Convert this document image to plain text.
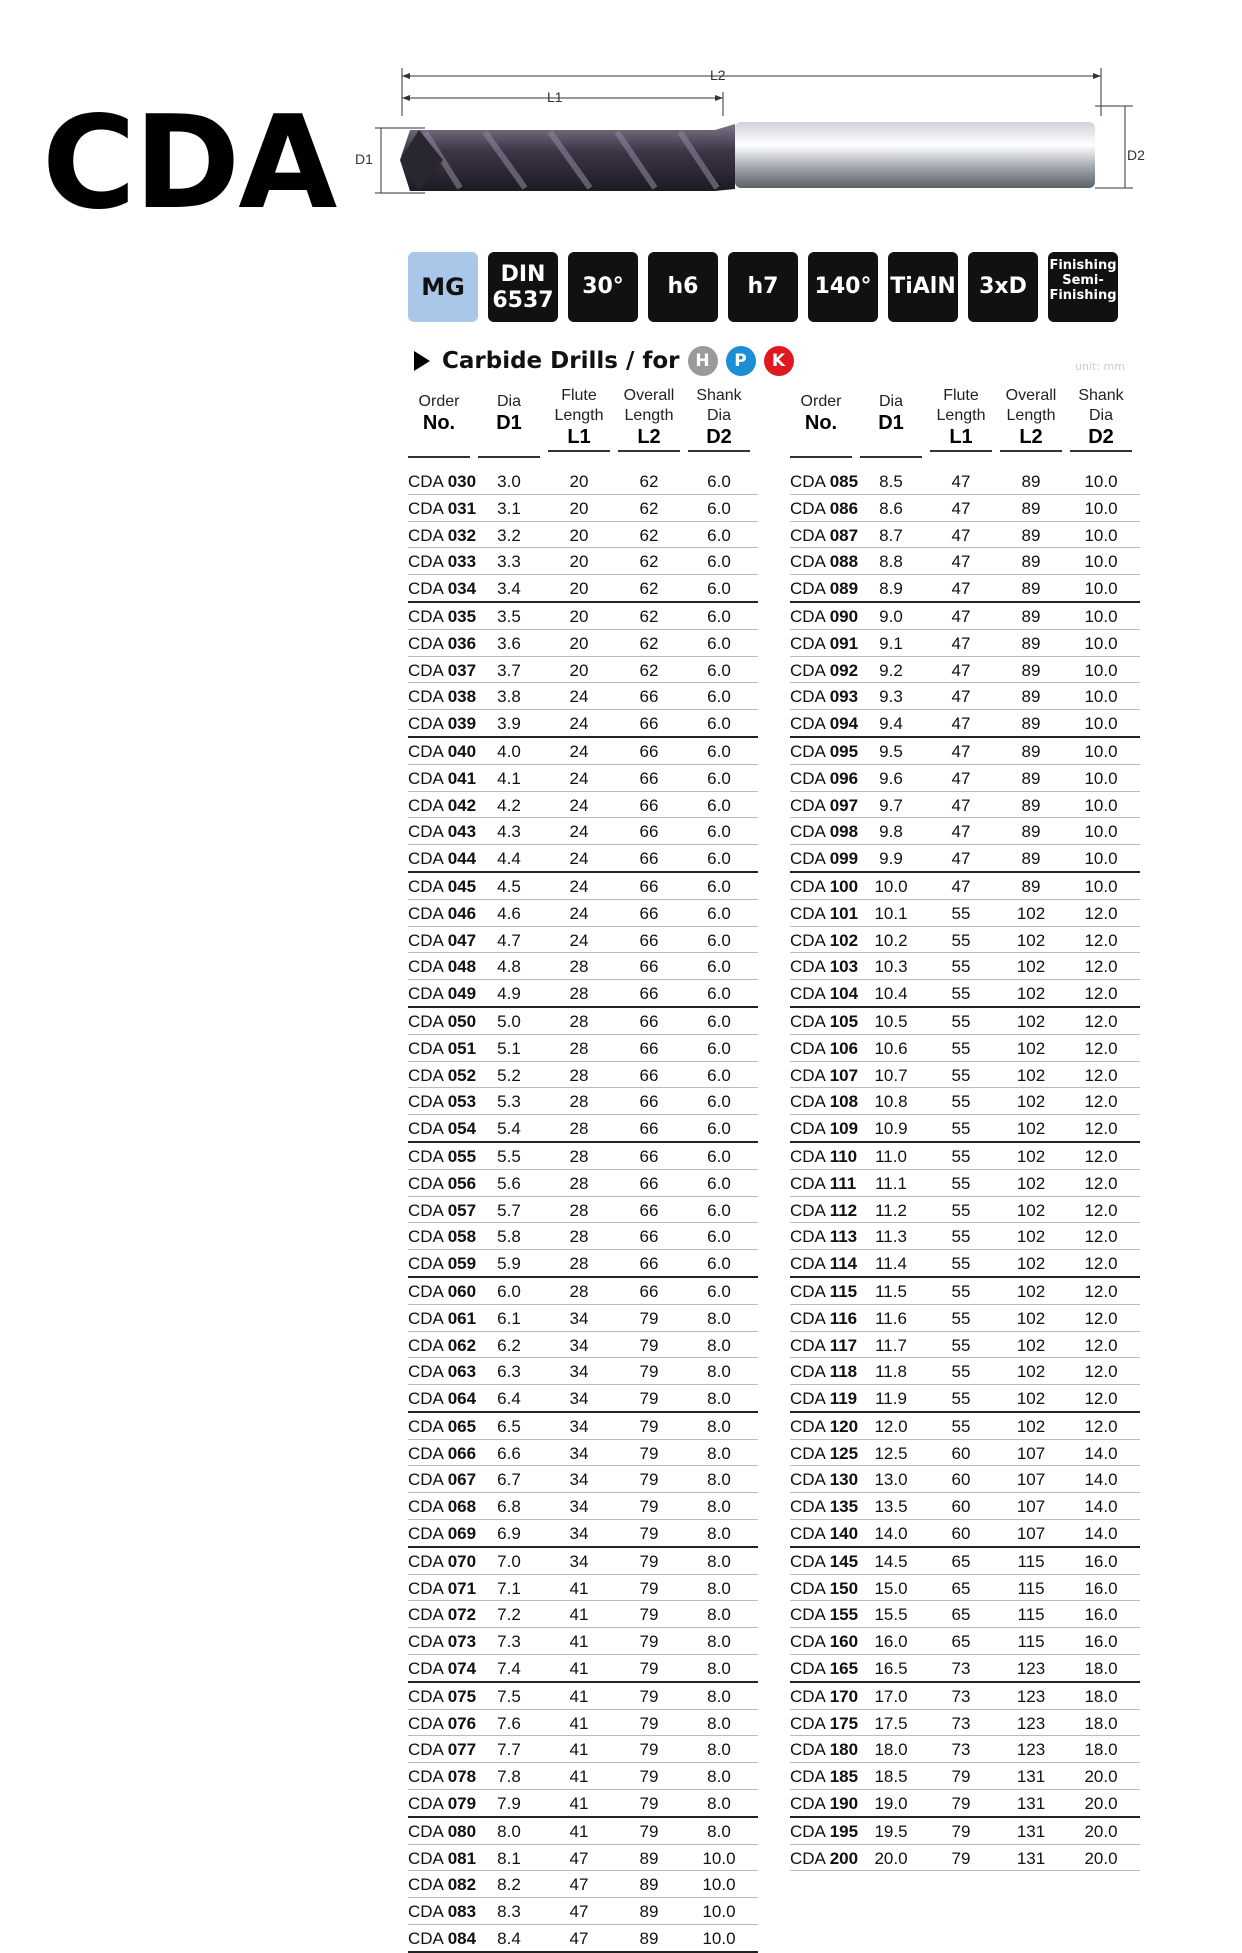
CDA
L2
L1
D1	D2
MG	DIN
6537
30°	h6	h7	140° TiAlN	3xD
Finishing
Semi-
Finishing
Carbide Drills / for H P K	unit: mm
Order
No.
Dia
D1
Flute
Length
L1
Overall
Length
L2
Shank
Dia
D2
CDA 030	3.0	20	62	6.0
CDA 031	3.1	20	62	6.0
CDA 032	3.2	20	62	6.0
CDA 033	3.3	20	62	6.0
CDA 034	3.4	20	62	6.0
CDA 035	3.5	20	62	6.0
CDA 036	3.6	20	62	6.0
CDA 037	3.7	20	62	6.0
CDA 038	3.8	24	66	6.0
CDA 039	3.9	24	66	6.0
CDA 040	4.0	24	66	6.0
CDA 041	4.1	24	66	6.0
CDA 042	4.2	24	66	6.0
CDA 043	4.3	24	66	6.0
CDA 044	4.4	24	66	6.0
CDA 045	4.5	24	66	6.0
CDA 046	4.6	24	66	6.0
CDA 047	4.7	24	66	6.0
CDA 048	4.8	28	66	6.0
CDA 049	4.9	28	66	6.0
CDA 050	5.0	28	66	6.0
CDA 051	5.1	28	66	6.0
CDA 052	5.2	28	66	6.0
CDA 053	5.3	28	66	6.0
CDA 054	5.4	28	66	6.0
CDA 055	5.5	28	66	6.0
CDA 056	5.6	28	66	6.0
CDA 057	5.7	28	66	6.0
CDA 058	5.8	28	66	6.0
CDA 059	5.9	28	66	6.0
CDA 060	6.0	28	66	6.0
CDA 061	6.1	34	79	8.0
CDA 062	6.2	34	79	8.0
CDA 063	6.3	34	79	8.0
CDA 064	6.4	34	79	8.0
CDA 065	6.5	34	79	8.0
CDA 066	6.6	34	79	8.0
CDA 067	6.7	34	79	8.0
CDA 068	6.8	34	79	8.0
CDA 069	6.9	34	79	8.0
CDA 070	7.0	34	79	8.0
CDA 071	7.1	41	79	8.0
CDA 072	7.2	41	79	8.0
CDA 073	7.3	41	79	8.0
CDA 074	7.4	41	79	8.0
CDA 075	7.5	41	79	8.0
CDA 076	7.6	41	79	8.0
CDA 077	7.7	41	79	8.0
CDA 078	7.8	41	79	8.0
CDA 079	7.9	41	79	8.0
CDA 080	8.0	41	79	8.0
CDA 081	8.1	47	89	10.0
CDA 082	8.2	47	89	10.0
CDA 083	8.3	47	89	10.0
CDA 084	8.4	47	89	10.0
Order
No.
Dia
D1
Flute
Length
L1
Overall
Length
L2
Shank
Dia
D2
CDA 085	8.5	47	89	10.0
CDA 086	8.6	47	89	10.0
CDA 087	8.7	47	89	10.0
CDA 088	8.8	47	89	10.0
CDA 089	8.9	47	89	10.0
CDA 090	9.0	47	89	10.0
CDA 091	9.1	47	89	10.0
CDA 092	9.2	47	89	10.0
CDA 093	9.3	47	89	10.0
CDA 094	9.4	47	89	10.0
CDA 095	9.5	47	89	10.0
CDA 096	9.6	47	89	10.0
CDA 097	9.7	47	89	10.0
CDA 098	9.8	47	89	10.0
CDA 099	9.9	47	89	10.0
CDA 100 10.0	47	89	10.0
CDA 101 10.1	55	102	12.0
CDA 102 10.2	55	102	12.0
CDA 103 10.3	55	102	12.0
CDA 104 10.4	55	102	12.0
CDA 105 10.5	55	102	12.0
CDA 106 10.6	55	102	12.0
CDA 107 10.7	55	102	12.0
CDA 108 10.8	55	102	12.0
CDA 109 10.9	55	102	12.0
CDA 110	11.0	55	102	12.0
CDA 111	11.1	55	102	12.0
CDA 112	11.2	55	102	12.0
CDA 113	11.3	55	102	12.0
CDA 114	11.4	55	102	12.0
CDA 115	11.5	55	102	12.0
CDA 116	11.6	55	102	12.0
CDA 117	11.7	55	102	12.0
CDA 118	11.8	55	102	12.0
CDA 119	11.9	55	102	12.0
CDA 120 12.0	55	102	12.0
CDA 125 12.5	60	107	14.0
CDA 130 13.0	60	107	14.0
CDA 135 13.5	60	107	14.0
CDA 140 14.0	60	107	14.0
CDA 145 14.5	65	115	16.0
CDA 150 15.0	65	115	16.0
CDA 155 15.5	65	115	16.0
CDA 160 16.0	65	115	16.0
CDA 165 16.5	73	123	18.0
CDA 170 17.0	73	123	18.0
CDA 175 17.5	73	123	18.0
CDA 180 18.0	73	123	18.0
CDA 185 18.5	79	131	20.0
CDA 190 19.0	79	131	20.0
CDA 195 19.5	79	131	20.0
CDA 200 20.0	79	131	20.0
